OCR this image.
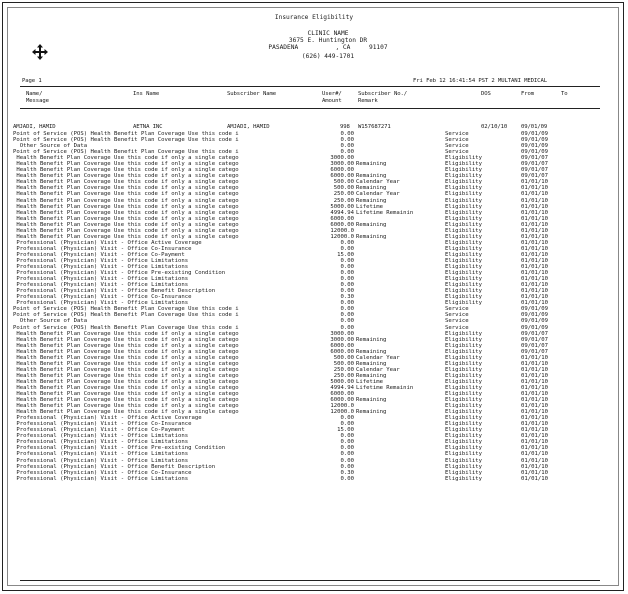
Insurance Eligibility
CLINIC NAME
3675 E. Huntington DR
PASADENA          , CA     91107
(626) 449-1701
Page 1	Fri Feb 12 16:41:54 PST 2 MULTANI MEDICAL
Name/
Message
Ins Name	Subscriber Name	User#/
Amount
Subscriber No./
Remark
DOS	From	To
AMJADI, HAMID	AETNA INC	AMJADI, HAMID	998 W157687271	02/10/10 09/01/09
Point of Service (POS) Health Benefit Plan Coverage Use this code i	0.00	Service	09/01/09
Point of Service (POS) Health Benefit Plan Coverage Use this code i	0.00	Service	09/01/09
Other Source of Data	0.00	Service	09/01/09
Point of Service (POS) Health Benefit Plan Coverage Use this code i	0.00	Service	09/01/09
Health Benefit Plan Coverage Use this code if only a single catego	3000.00	Eligibility	09/01/07
Health Benefit Plan Coverage Use this code if only a single catego	3000.00 Remaining	Eligibility	09/01/07
Health Benefit Plan Coverage Use this code if only a single catego	6000.00	Eligibility	09/01/07
Health Benefit Plan Coverage Use this code if only a single catego	6000.00 Remaining	Eligibility	09/01/07
Health Benefit Plan Coverage Use this code if only a single catego	500.00 Calendar Year	Eligibility	01/01/10
Health Benefit Plan Coverage Use this code if only a single catego	500.00 Remaining	Eligibility	01/01/10
Health Benefit Plan Coverage Use this code if only a single catego	250.00 Calendar Year	Eligibility	01/01/10
Health Benefit Plan Coverage Use this code if only a single catego	250.00 Remaining	Eligibility	01/01/10
Health Benefit Plan Coverage Use this code if only a single catego	5000.00 Lifetime	Eligibility	01/01/10
Health Benefit Plan Coverage Use this code if only a single catego	4994.94 Lifetime Remainin	Eligibility	01/01/10
Health Benefit Plan Coverage Use this code if only a single catego	6000.00	Eligibility	01/01/10
Health Benefit Plan Coverage Use this code if only a single catego	6000.00 Remaining	Eligibility	01/01/10
Health Benefit Plan Coverage Use this code if only a single catego	12000.0	Eligibility	01/01/10
Health Benefit Plan Coverage Use this code if only a single catego	12000.0 Remaining	Eligibility	01/01/10
Professional (Physician) Visit - Office Active Coverage	0.00	Eligibility	01/01/10
Professional (Physician) Visit - Office Co-Insurance	0.00	Eligibility	01/01/10
Professional (Physician) Visit - Office Co-Payment	15.00	Eligibility	01/01/10
Professional (Physician) Visit - Office Limitations	0.00	Eligibility	01/01/10
Professional (Physician) Visit - Office Limitations	0.00	Eligibility	01/01/10
Professional (Physician) Visit - Office Pre-existing Condition	0.00	Eligibility	01/01/10
Professional (Physician) Visit - Office Limitations	0.00	Eligibility	01/01/10
Professional (Physician) Visit - Office Limitations	0.00	Eligibility	01/01/10
Professional (Physician) Visit - Office Benefit Description	0.00	Eligibility	01/01/10
Professional (Physician) Visit - Office Co-Insurance	0.30	Eligibility	01/01/10
Professional (Physician) Visit - Office Limitations	0.00	Eligibility	01/01/10
Point of Service (POS) Health Benefit Plan Coverage Use this code i	0.00	Service	09/01/09
Point of Service (POS) Health Benefit Plan Coverage Use this code i	0.00	Service	09/01/09
Other Source of Data	0.00	Service	09/01/09
Point of Service (POS) Health Benefit Plan Coverage Use this code i	0.00	Service	09/01/09
Health Benefit Plan Coverage Use this code if only a single catego	3000.00	Eligibility	09/01/07
Health Benefit Plan Coverage Use this code if only a single catego	3000.00 Remaining	Eligibility	09/01/07
Health Benefit Plan Coverage Use this code if only a single catego	6000.00	Eligibility	09/01/07
Health Benefit Plan Coverage Use this code if only a single catego	6000.00 Remaining	Eligibility	09/01/07
Health Benefit Plan Coverage Use this code if only a single catego	500.00 Calendar Year	Eligibility	01/01/10
Health Benefit Plan Coverage Use this code if only a single catego	500.00 Remaining	Eligibility	01/01/10
Health Benefit Plan Coverage Use this code if only a single catego	250.00 Calendar Year	Eligibility	01/01/10
Health Benefit Plan Coverage Use this code if only a single catego	250.00 Remaining	Eligibility	01/01/10
Health Benefit Plan Coverage Use this code if only a single catego	5000.00 Lifetime	Eligibility	01/01/10
Health Benefit Plan Coverage Use this code if only a single catego	4994.94 Lifetime Remainin	Eligibility	01/01/10
Health Benefit Plan Coverage Use this code if only a single catego	6000.00	Eligibility	01/01/10
Health Benefit Plan Coverage Use this code if only a single catego	6000.00 Remaining	Eligibility	01/01/10
Health Benefit Plan Coverage Use this code if only a single catego	12000.0	Eligibility	01/01/10
Health Benefit Plan Coverage Use this code if only a single catego	12000.0 Remaining	Eligibility	01/01/10
Professional (Physician) Visit - Office Active Coverage	0.00	Eligibility	01/01/10
Professional (Physician) Visit - Office Co-Insurance	0.00	Eligibility	01/01/10
Professional (Physician) Visit - Office Co-Payment	15.00	Eligibility	01/01/10
Professional (Physician) Visit - Office Limitations	0.00	Eligibility	01/01/10
Professional (Physician) Visit - Office Limitations	0.00	Eligibility	01/01/10
Professional (Physician) Visit - Office Pre-existing Condition	0.00	Eligibility	01/01/10
Professional (Physician) Visit - Office Limitations	0.00	Eligibility	01/01/10
Professional (Physician) Visit - Office Limitations	0.00	Eligibility	01/01/10
Professional (Physician) Visit - Office Benefit Description	0.00	Eligibility	01/01/10
Professional (Physician) Visit - Office Co-Insurance	0.30	Eligibility	01/01/10
Professional (Physician) Visit - Office Limitations	0.00	Eligibility	01/01/10
